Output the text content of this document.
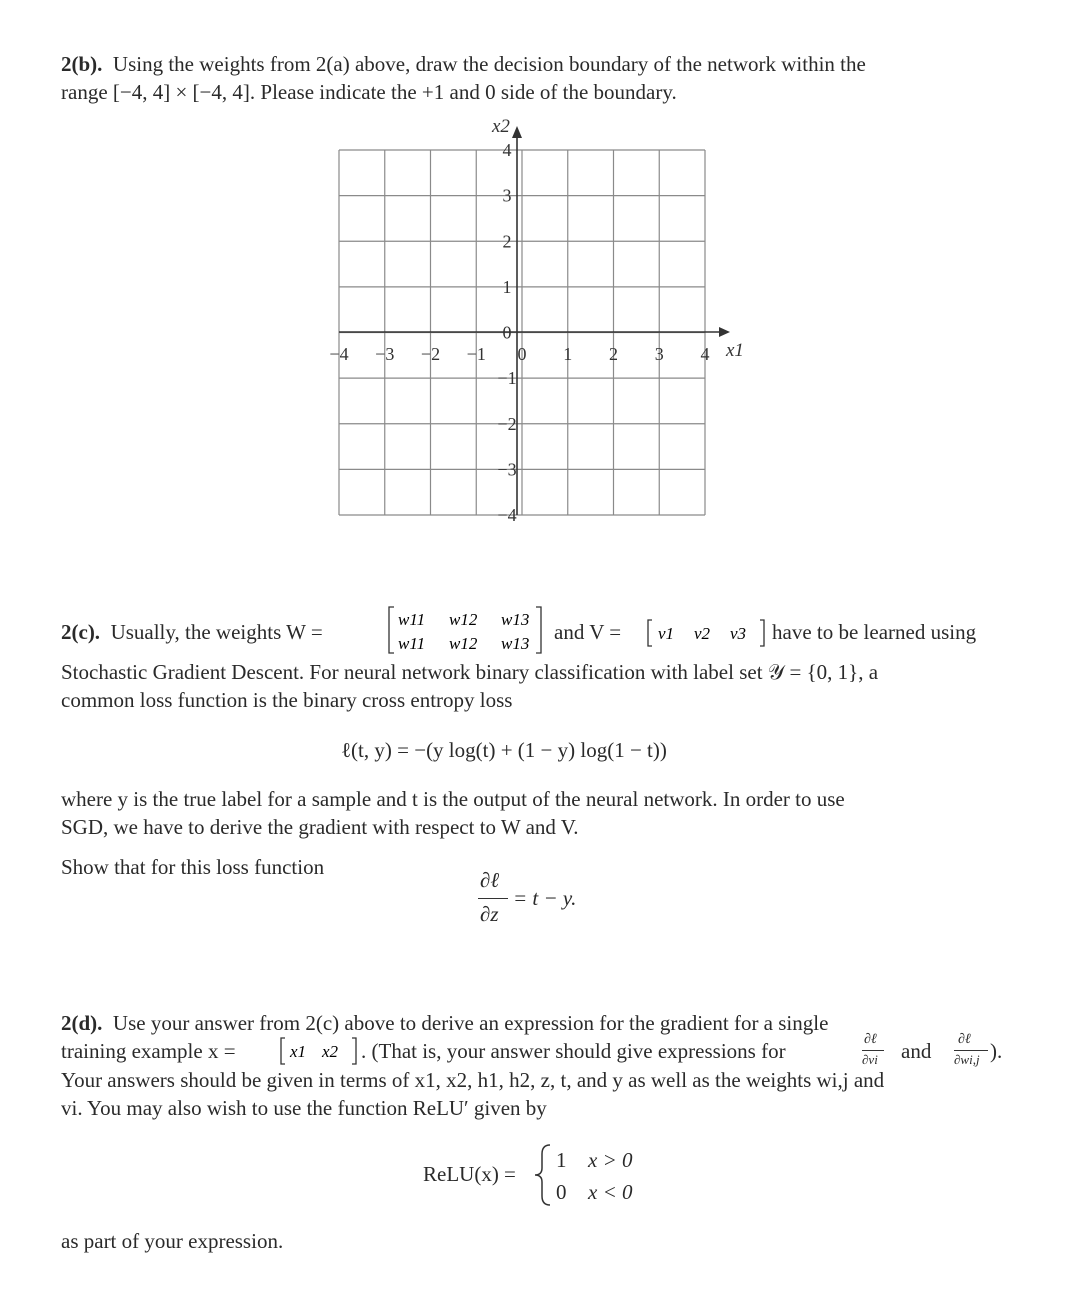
2(b). Using the weights from 2(a) above, draw the decision boundary of the network within the
range [−4, 4] × [−4, 4]. Please indicate the +1 and 0 side of the boundary.
−4 −3 −2 −1 0 1 2 3 4
4
3
2
1
0
−1
−2
−3
−4
x1
x2
2(c). Usually, the weights W =
w11 w12 w13
w11 w12 w13 and V = v1 v2 v3 have to be learned using
Stochastic Gradient Descent. For neural network binary classification with label set 𝒴 = {0, 1}, a
common loss function is the binary cross entropy loss
ℓ(t, y) = −(y log(t) + (1 − y) log(1 − t))
where y is the true label for a sample and t is the output of the neural network. In order to use
SGD, we have to derive the gradient with respect to W and V.
Show that for this loss function
∂ℓ
∂z
= t − y.
2(d). Use your answer from 2(c) above to derive an expression for the gradient for a single
training example x =	x1 x2 . (That is, your answer should give expressions for	∂ℓ
∂vi and ∂ℓ
∂wi,j ).
Your answers should be given in terms of x1, x2, h1, h2, z, t, and y as well as the weights wi,j and
vi. You may also wish to use the function ReLU′ given by
ReLU(x) =
1 x > 0
0 x < 0
as part of your expression.
